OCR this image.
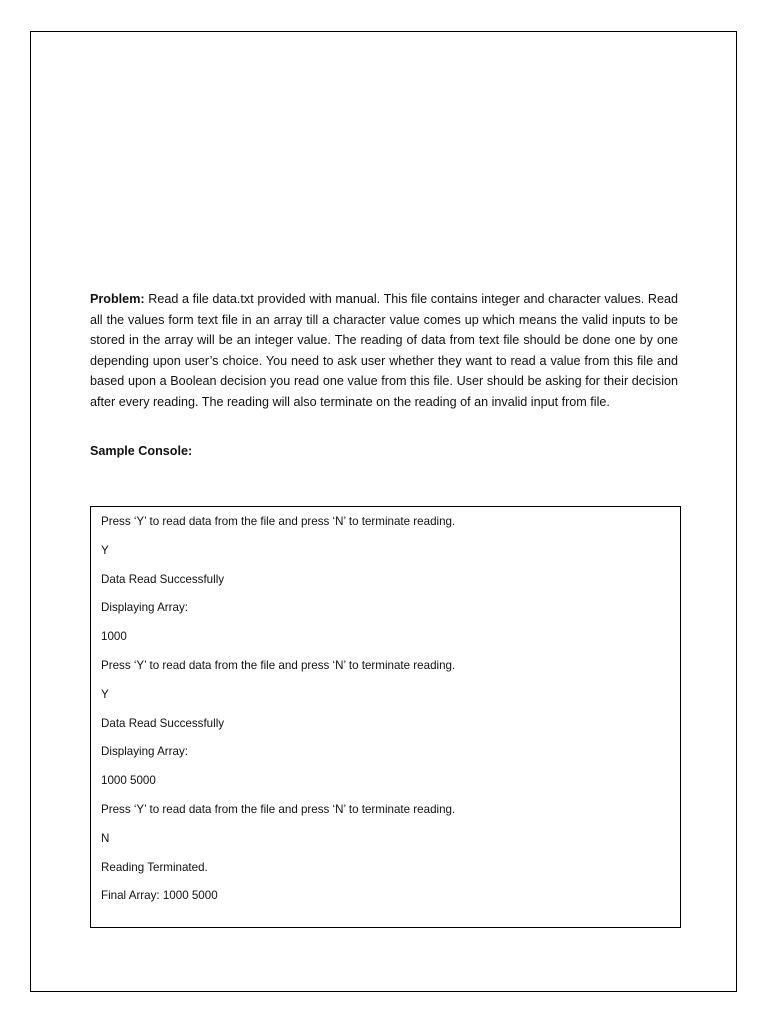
Problem: Read a file data.txt provided with manual. This file contains integer and character values. Read all the values form text file in an array till a character value comes up which means the valid inputs to be stored in the array will be an integer value. The reading of data from text file should be done one by one depending upon user’s choice. You need to ask user whether they want to read a value from this file and based upon a Boolean decision you read one value from this file. User should be asking for their decision after every reading. The reading will also terminate on the reading of an invalid input from file.

Sample Console:

Press ‘Y’ to read data from the file and press ‘N’ to terminate reading.
Y
Data Read Successfully
Displaying Array:
1000
Press ‘Y’ to read data from the file and press ‘N’ to terminate reading.
Y
Data Read Successfully
Displaying Array:
1000 5000
Press ‘Y’ to read data from the file and press ‘N’ to terminate reading.
N
Reading Terminated.
Final Array: 1000 5000
